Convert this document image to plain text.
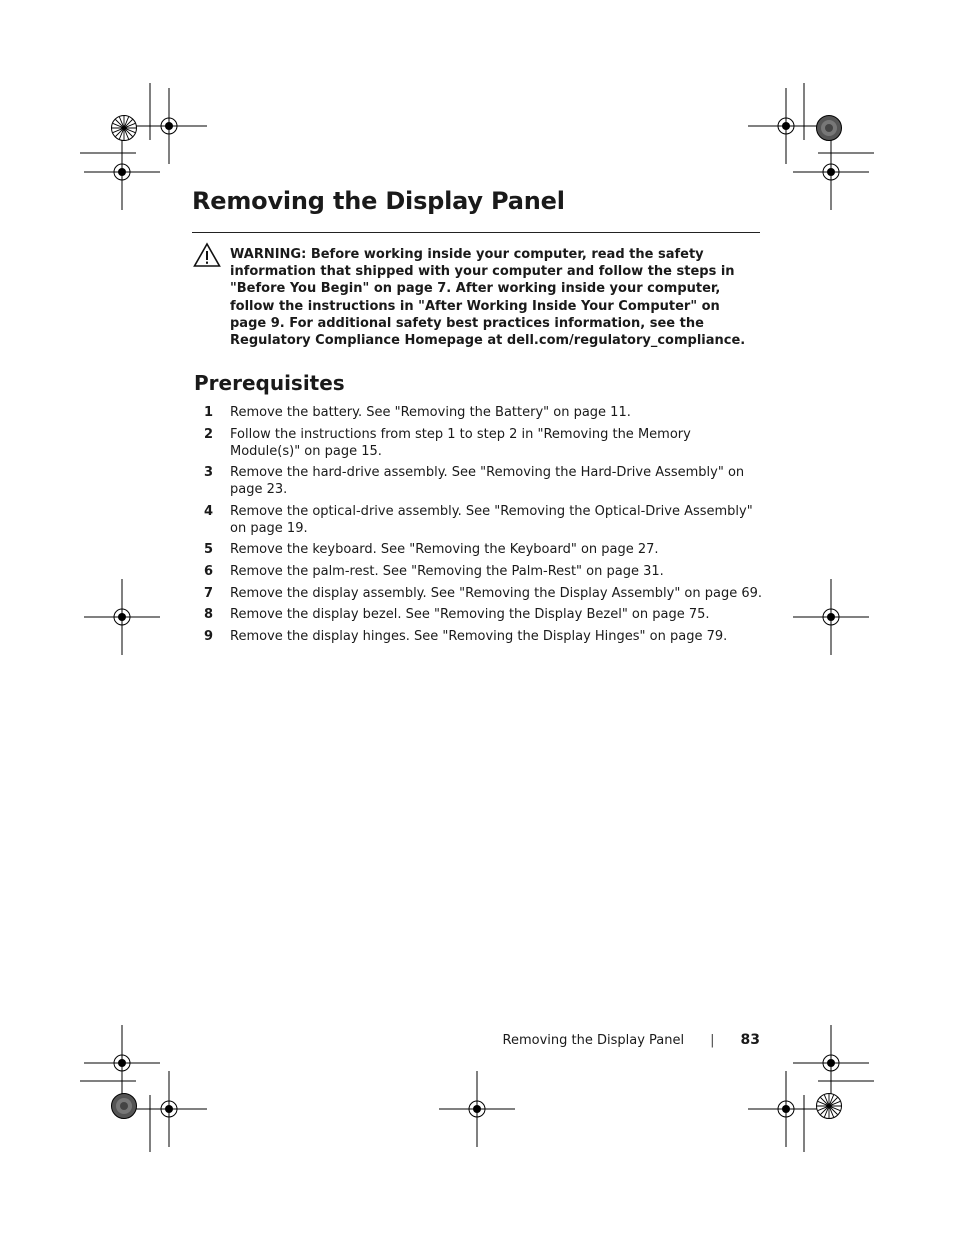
Removing the Display Panel
WARNING: Before working inside your computer, read the safety information that shipped with your computer and follow the steps in "Before You Begin" on page 7. After working inside your computer, follow the instructions in "After Working Inside Your Computer" on page 9. For additional safety best practices information, see the Regulatory Compliance Homepage at dell.com/regulatory_compliance.
Prerequisites
1	Remove the battery. See "Removing the Battery" on page 11.
2	Follow the instructions from step 1 to step 2 in "Removing the Memory Module(s)" on page 15.
3	Remove the hard-drive assembly. See "Removing the Hard-Drive Assembly" on page 23.
4	Remove the optical-drive assembly. See "Removing the Optical-Drive Assembly" on page 19.
5	Remove the keyboard. See "Removing the Keyboard" on page 27.
6	Remove the palm-rest. See "Removing the Palm-Rest" on page 31.
7	Remove the display assembly. See "Removing the Display Assembly" on page 69.
8	Remove the display bezel. See "Removing the Display Bezel" on page 75.
9	Remove the display hinges. See "Removing the Display Hinges" on page 79.
Removing the Display Panel | 83
